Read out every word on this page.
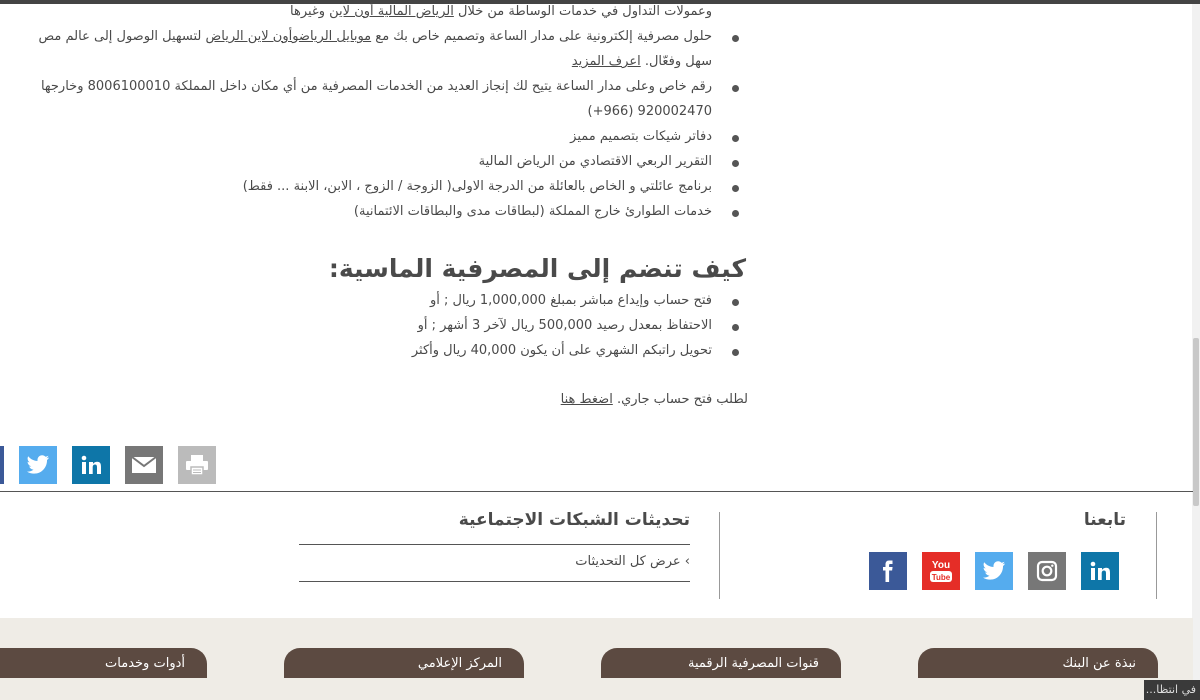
وعمولات التداول في خدمات الوساطة من خلال الرياض المالية أون لاين وغيرها
حلول مصرفية إلكترونية على مدار الساعة وتصميم خاص بك مع موبايل الرياضوأون لاين الرياض لتسهيل الوصول إلى عالم مص
سهل وفعّال. اعرف المزيد
رقم خاص وعلى مدار الساعة يتيح لك إنجاز العديد من الخدمات المصرفية من أي مكان داخل المملكة 8006100010 وخارجها
920002470 (966+)
دفاتر شيكات بتصميم مميز
التقرير الربعي الاقتصادي من الرياض المالية
برنامج عائلتي و الخاص بالعائلة من الدرجة الاولى( الزوجة / الزوج ، الابن، الابنة ... فقط)
خدمات الطوارئ خارج المملكة (لبطاقات مدى والبطاقات الائتمانية)
كيف تنضم إلى المصرفية الماسية:
فتح حساب وإيداع مباشر بمبلغ 1,000,000 ريال ; أو
الاحتفاظ بمعدل رصيد 500,000 ريال لآخر 3 أشهر ; أو
تحويل راتبكم الشهري على أن يكون 40,000 ريال وأكثر
لطلب فتح حساب جاري. اضغط هنا
تابعنا
You
Tube
تحديثات الشبكات الاجتماعية
› عرض كل التحديثات
نبذة عن البنك
قنوات المصرفية الرقمية
المركز الإعلامي
أدوات وخدمات
في انتظا...
